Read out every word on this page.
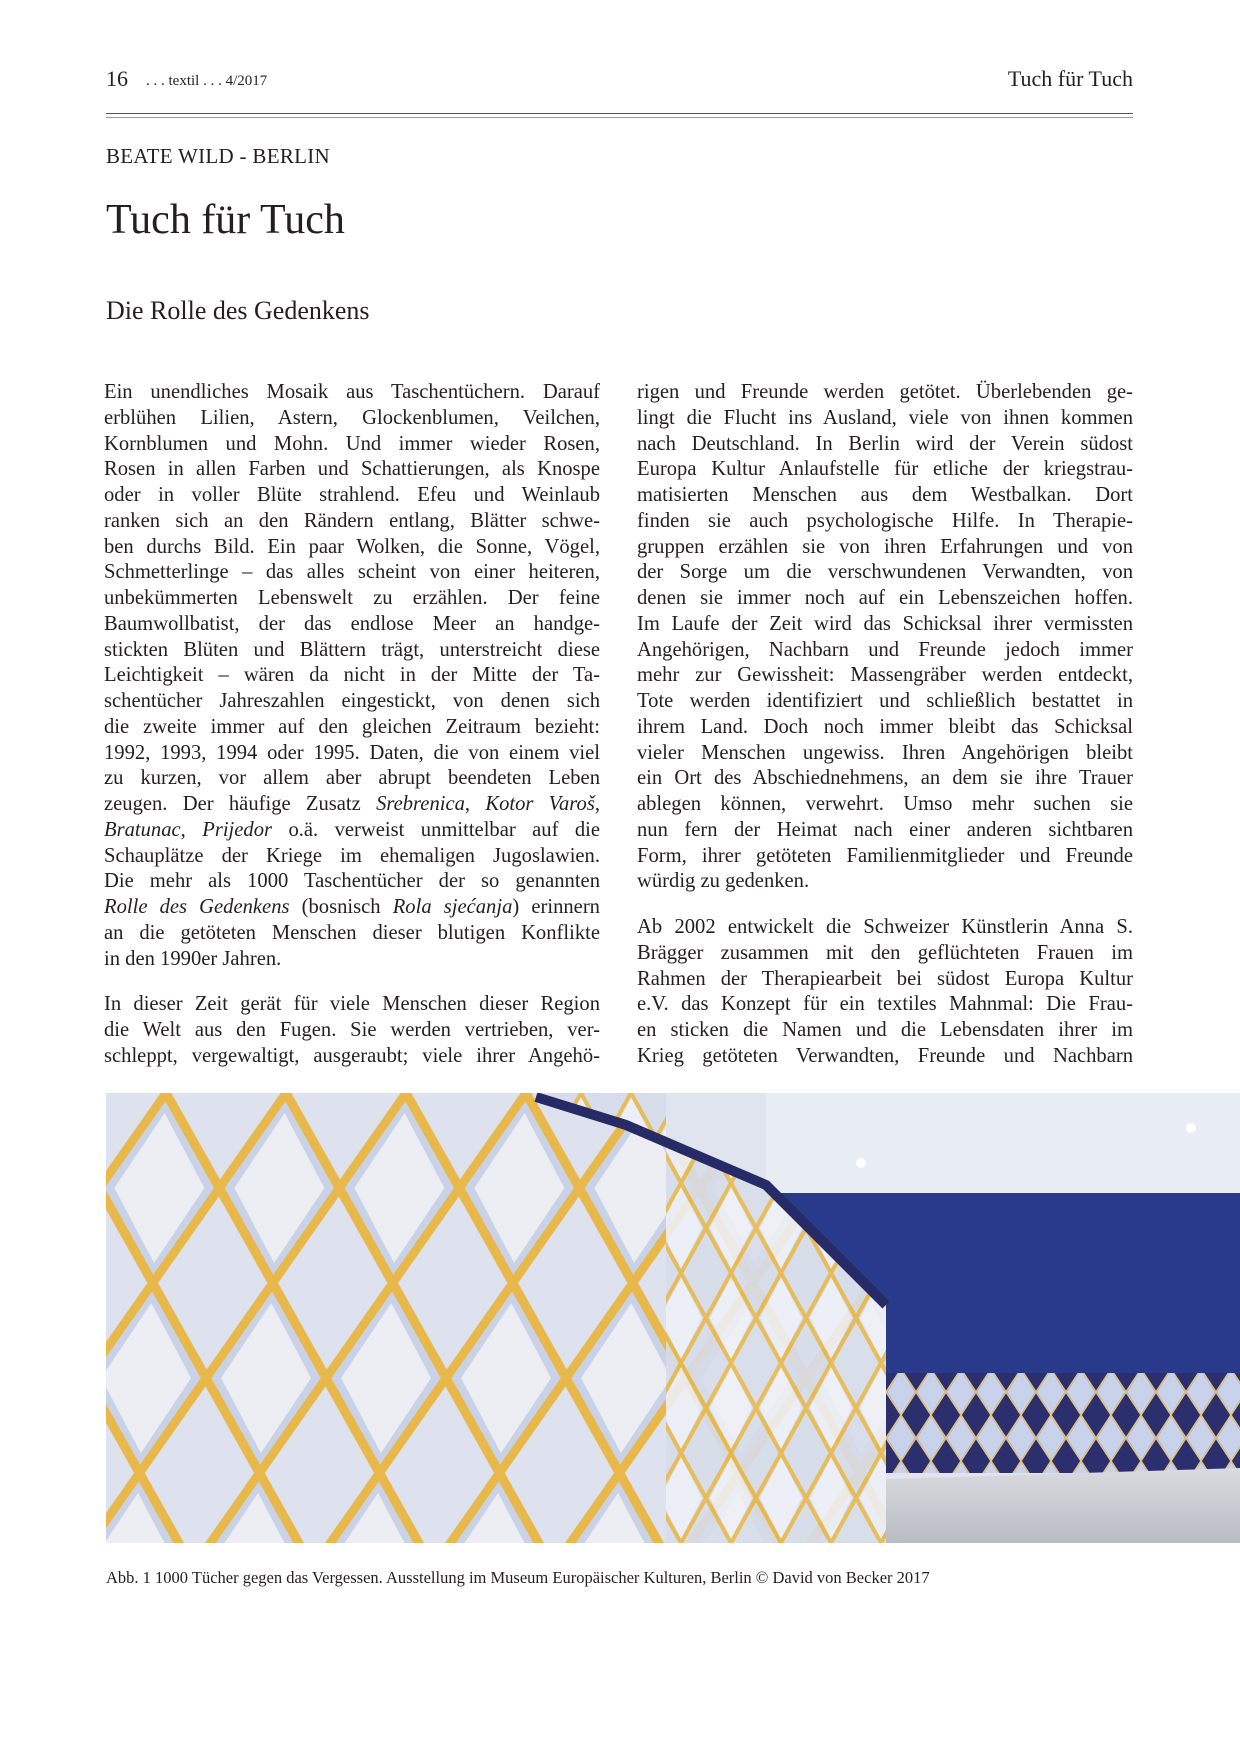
16 . . . textil . . . 4/2017	Tuch für Tuch
BEATE WILD - BERLIN
Tuch für Tuch
Die Rolle des Gedenkens
Ein unendliches Mosaik aus Taschentüchern. Darauf
erblühen Lilien, Astern, Glockenblumen, Veilchen,
Kornblumen und Mohn. Und immer wieder Rosen,
Rosen in allen Farben und Schattierungen, als Knospe
oder in voller Blüte strahlend. Efeu und Weinlaub
ranken sich an den Rändern entlang, Blätter schwe-
ben durchs Bild. Ein paar Wolken, die Sonne, Vögel,
Schmetterlinge – das alles scheint von einer heiteren,
unbekümmerten Lebenswelt zu erzählen. Der feine
Baumwollbatist, der das endlose Meer an handge-
stickten Blüten und Blättern trägt, unterstreicht diese
Leichtigkeit – wären da nicht in der Mitte der Ta-
schentücher Jahreszahlen eingestickt, von denen sich
die zweite immer auf den gleichen Zeitraum bezieht:
1992, 1993, 1994 oder 1995. Daten, die von einem viel
zu kurzen, vor allem aber abrupt beendeten Leben
zeugen. Der häufige Zusatz Srebrenica, Kotor Varoš,
Bratunac, Prijedor o.ä. verweist unmittelbar auf die
Schauplätze der Kriege im ehemaligen Jugoslawien.
Die mehr als 1000 Taschentücher der so genannten
Rolle des Gedenkens (bosnisch Rola sjećanja) erinnern
an die getöteten Menschen dieser blutigen Konflikte
in den 1990er Jahren.
In dieser Zeit gerät für viele Menschen dieser Region
die Welt aus den Fugen. Sie werden vertrieben, ver-
schleppt, vergewaltigt, ausgeraubt; viele ihrer Angehö-
rigen und Freunde werden getötet. Überlebenden ge-
lingt die Flucht ins Ausland, viele von ihnen kommen
nach Deutschland. In Berlin wird der Verein südost
Europa Kultur Anlaufstelle für etliche der kriegstrau-
matisierten Menschen aus dem Westbalkan. Dort
finden sie auch psychologische Hilfe. In Therapie-
gruppen erzählen sie von ihren Erfahrungen und von
der Sorge um die verschwundenen Verwandten, von
denen sie immer noch auf ein Lebenszeichen hoffen.
Im Laufe der Zeit wird das Schicksal ihrer vermissten
Angehörigen, Nachbarn und Freunde jedoch immer
mehr zur Gewissheit: Massengräber werden entdeckt,
Tote werden identifiziert und schließlich bestattet in
ihrem Land. Doch noch immer bleibt das Schicksal
vieler Menschen ungewiss. Ihren Angehörigen bleibt
ein Ort des Abschiednehmens, an dem sie ihre Trauer
ablegen können, verwehrt. Umso mehr suchen sie
nun fern der Heimat nach einer anderen sichtbaren
Form, ihrer getöteten Familienmitglieder und Freunde
würdig zu gedenken.
Ab 2002 entwickelt die Schweizer Künstlerin Anna S.
Brägger zusammen mit den geflüchteten Frauen im
Rahmen der Therapiearbeit bei südost Europa Kultur
e.V. das Konzept für ein textiles Mahnmal: Die Frau-
en sticken die Namen und die Lebensdaten ihrer im
Krieg getöteten Verwandten, Freunde und Nachbarn
Abb. 1 1000 Tücher gegen das Vergessen. Ausstellung im Museum Europäischer Kulturen, Berlin © David von Becker 2017
